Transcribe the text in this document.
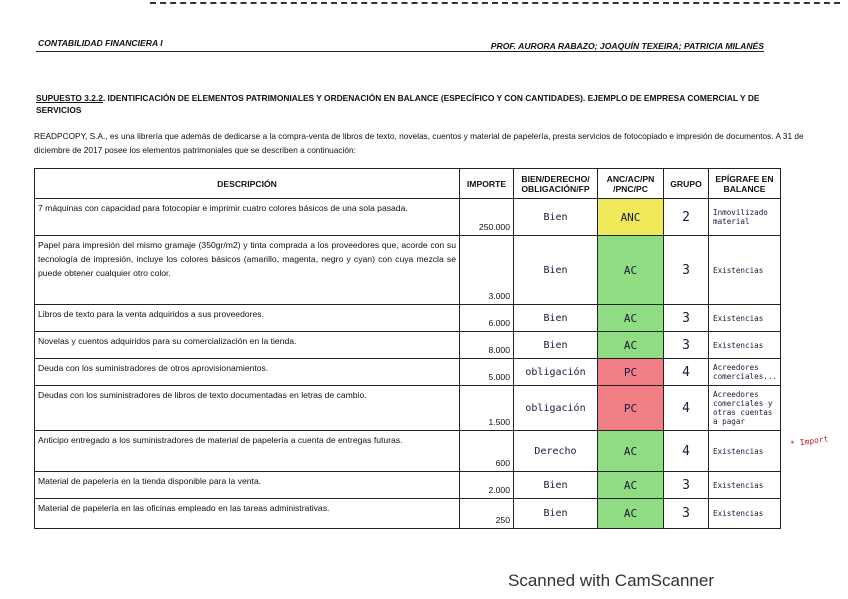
CONTABILIDAD FINANCIERA I	PROF. AURORA RABAZO; JOAQUÍN TEXEIRA; PATRICIA MILANÉS
SUPUESTO 3.2.2. IDENTIFICACIÓN DE ELEMENTOS PATRIMONIALES Y ORDENACIÓN EN BALANCE (ESPECÍFICO Y CON CANTIDADES). EJEMPLO DE EMPRESA COMERCIAL Y DE SERVICIOS
READPCOPY, S.A., es una librería que además de dedicarse a la compra-venta de libros de texto, novelas, cuentos y material de papelería, presta servicios de fotocopiado e impresión de documentos. A 31 de diciembre de 2017 posee los elementos patrimoniales que se describen a continuación:
DESCRIPCIÓN	IMPORTE	BIEN/DERECHO/ OBLIGACIÓN/FP	ANC/AC/PN /PNC/PC	GRUPO	EPÍGRAFE EN BALANCE
7 máquinas con capacidad para fotocopiar e imprimir cuatro colores básicos de una sola pasada.	250.000	Bien	ANC	2	Inmovilizado material
Papel para impresión del mismo gramaje (350gr/m2) y tinta comprada a los proveedores que, acorde con su tecnología de impresión, incluye los colores básicos (amarillo, magenta, negro y cyan) con cuya mezcla se puede obtener cualquier otro color.	3.000	Bien	AC	3	Existencias
Libros de texto para la venta adquiridos a sus proveedores.	6.000	Bien	AC	3	Existencias
Novelas y cuentos adquiridos para su comercialización en la tienda.	8.000	Bien	AC	3	Existencias
Deuda con los suministradores de otros aprovisionamientos.	5.000	obligación	PC	4	Acreedores comerciales...
Deudas con los suministradores de libros de texto documentadas en letras de cambio.	1.500	obligación	PC	4	Acreedores comerciales y otras cuentas a pagar
Anticipo entregado a los suministradores de material de papelería a cuenta de entregas futuras.	600	Derecho	AC	4	Existencias
Material de papelería en la tienda disponible para la venta.	2.000	Bien	AC	3	Existencias
Material de papelería en las oficinas empleado en las tareas administrativas.	250	Bien	AC	3	Existencias
* Import
Scanned with CamScanner
